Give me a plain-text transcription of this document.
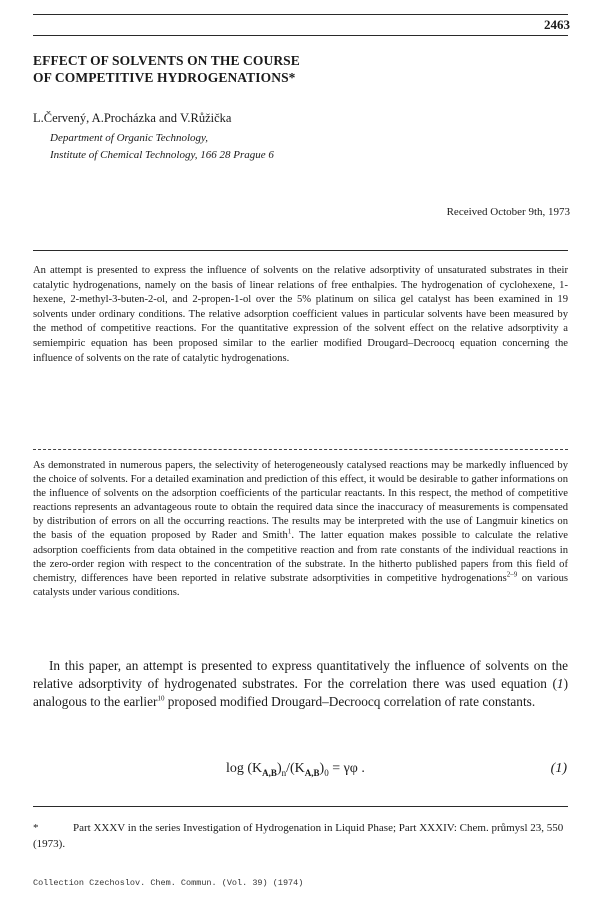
2463
EFFECT OF SOLVENTS ON THE COURSE
OF COMPETITIVE HYDROGENATIONS*
L.Červený, A.Procházka and V.Růžička
Department of Organic Technology,
Institute of Chemical Technology, 166 28 Prague 6
Received October 9th, 1973
An attempt is presented to express the influence of solvents on the relative adsorptivity of unsaturated substrates in their catalytic hydrogenations, namely on the basis of linear relations of free enthalpies. The hydrogenation of cyclohexene, 1-hexene, 2-methyl-3-buten-2-ol, and 2-propen-1-ol over the 5% platinum on silica gel catalyst has been examined in 19 solvents under ordinary conditions. The relative adsorption coefficient values in particular solvents have been measured by the method of competitive reactions. For the quantitative expression of the solvent effect on the relative adsorptivity a semiempiric equation has been proposed similar to the earlier modified Drougard–Decroocq equation concerning the influence of solvents on the rate of catalytic hydrogenations.
As demonstrated in numerous papers, the selectivity of heterogeneously catalysed reactions may be markedly influenced by the choice of solvents. For a detailed examination and prediction of this effect, it would be desirable to gather informations on the influence of solvents on the adsorption coefficients of the particular reactants. In this respect, the method of competitive reactions represents an advantageous route to obtain the required data since the inaccuracy of measurements is compensated by distribution of errors on all the occurring reactions. The results may be interpreted with the use of Langmuir kinetics on the basis of the equation proposed by Rader and Smith$^1$. The latter equation makes possible to calculate the relative adsorption coefficients from data obtained in the competitive reaction and from rate constants of the individual reactions in the zero-order region with respect to the concentration of the substrate. In the hitherto published papers from this field of chemistry, differences have been reported in relative substrate adsorptivities in competitive hydrogenations$^{2-9}$ on various catalysts under various conditions.
In this paper, an attempt is presented to express quantitatively the influence of solvents on the relative adsorptivity of hydrogenated substrates. For the correlation there was used equation (1) analogous to the earlier$^{10}$ proposed modified Drougard–Decroocq correlation of rate constants.
$\log (K_{A,B})_n/(K_{A,B})_0 = \gamma\varphi$ .	(1)
*	Part XXXV in the series Investigation of Hydrogenation in Liquid Phase; Part XXXIV: Chem. průmysl 23, 550 (1973).
Collection Czechoslov. Chem. Commun. (Vol. 39) (1974)
